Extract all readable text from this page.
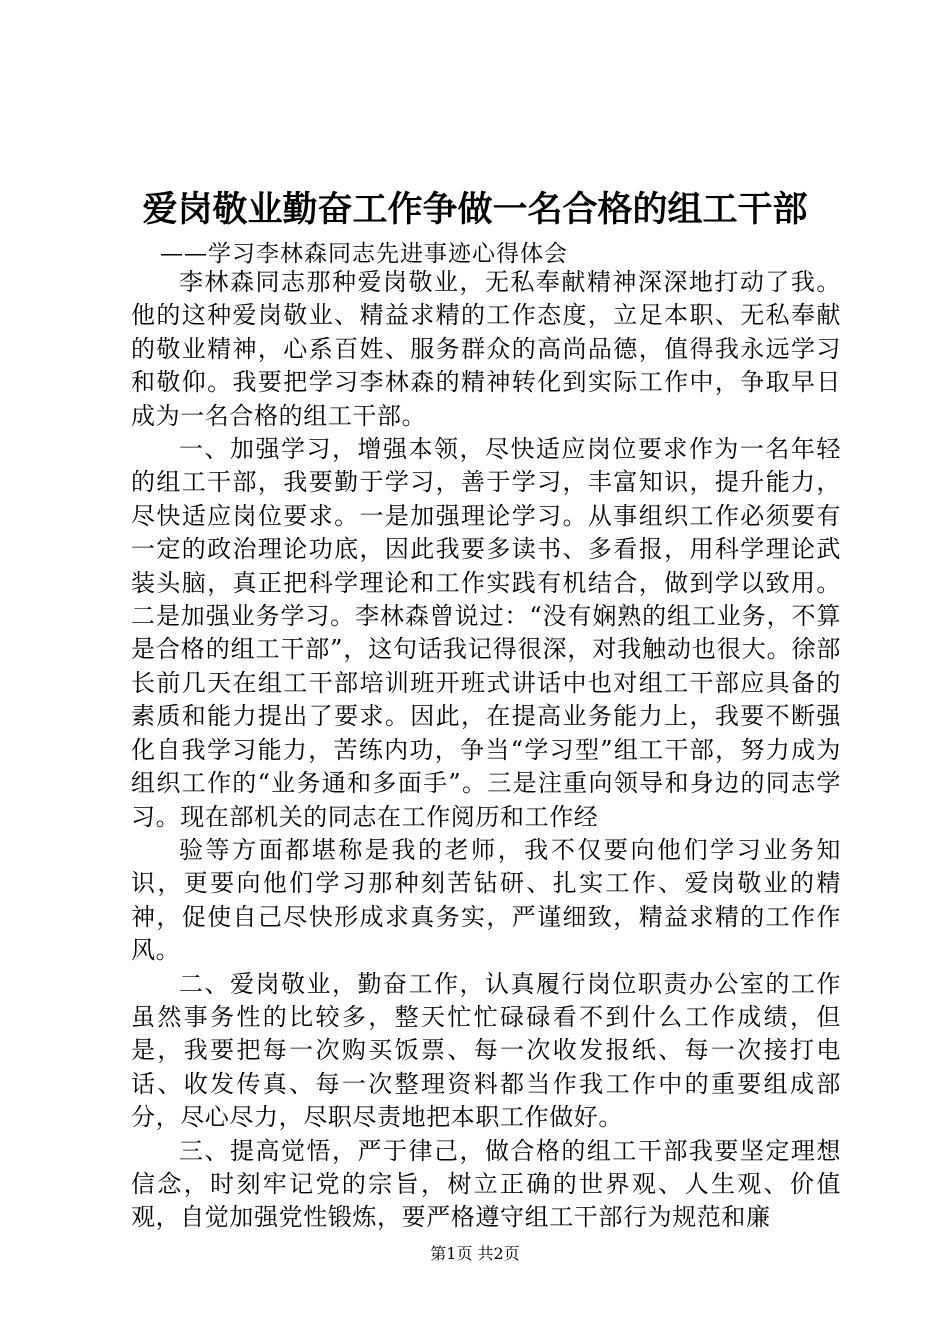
爱岗敬业勤奋工作争做一名合格的组工干部
——学习李林森同志先进事迹心得体会

李林森同志那种爱岗敬业，无私奉献精神深深地打动了我。他的这种爱岗敬业、精益求精的工作态度，立足本职、无私奉献的敬业精神，心系百姓、服务群众的高尚品德，值得我永远学习和敬仰。我要把学习李林森的精神转化到实际工作中，争取早日成为一名合格的组工干部。

一、加强学习，增强本领，尽快适应岗位要求作为一名年轻的组工干部，我要勤于学习，善于学习，丰富知识，提升能力，尽快适应岗位要求。一是加强理论学习。从事组织工作必须要有一定的政治理论功底，因此我要多读书、多看报，用科学理论武装头脑，真正把科学理论和工作实践有机结合，做到学以致用。二是加强业务学习。李林森曾说过：“没有娴熟的组工业务，不算是合格的组工干部”，这句话我记得很深，对我触动也很大。徐部长前几天在组工干部培训班开班式讲话中也对组工干部应具备的素质和能力提出了要求。因此，在提高业务能力上，我要不断强化自我学习能力，苦练内功，争当“学习型”组工干部，努力成为组织工作的“业务通和多面手”。三是注重向领导和身边的同志学习。现在部机关的同志在工作阅历和工作经

验等方面都堪称是我的老师，我不仅要向他们学习业务知识，更要向他们学习那种刻苦钻研、扎实工作、爱岗敬业的精神，促使自己尽快形成求真务实，严谨细致，精益求精的工作作风。

二、爱岗敬业，勤奋工作，认真履行岗位职责办公室的工作虽然事务性的比较多，整天忙忙碌碌看不到什么工作成绩，但是，我要把每一次购买饭票、每一次收发报纸、每一次接打电话、收发传真、每一次整理资料都当作我工作中的重要组成部分，尽心尽力，尽职尽责地把本职工作做好。

三、提高觉悟，严于律己，做合格的组工干部我要坚定理想信念，时刻牢记党的宗旨，树立正确的世界观、人生观、价值观，自觉加强党性锻炼，要严格遵守组工干部行为规范和廉

第1页 共2页
